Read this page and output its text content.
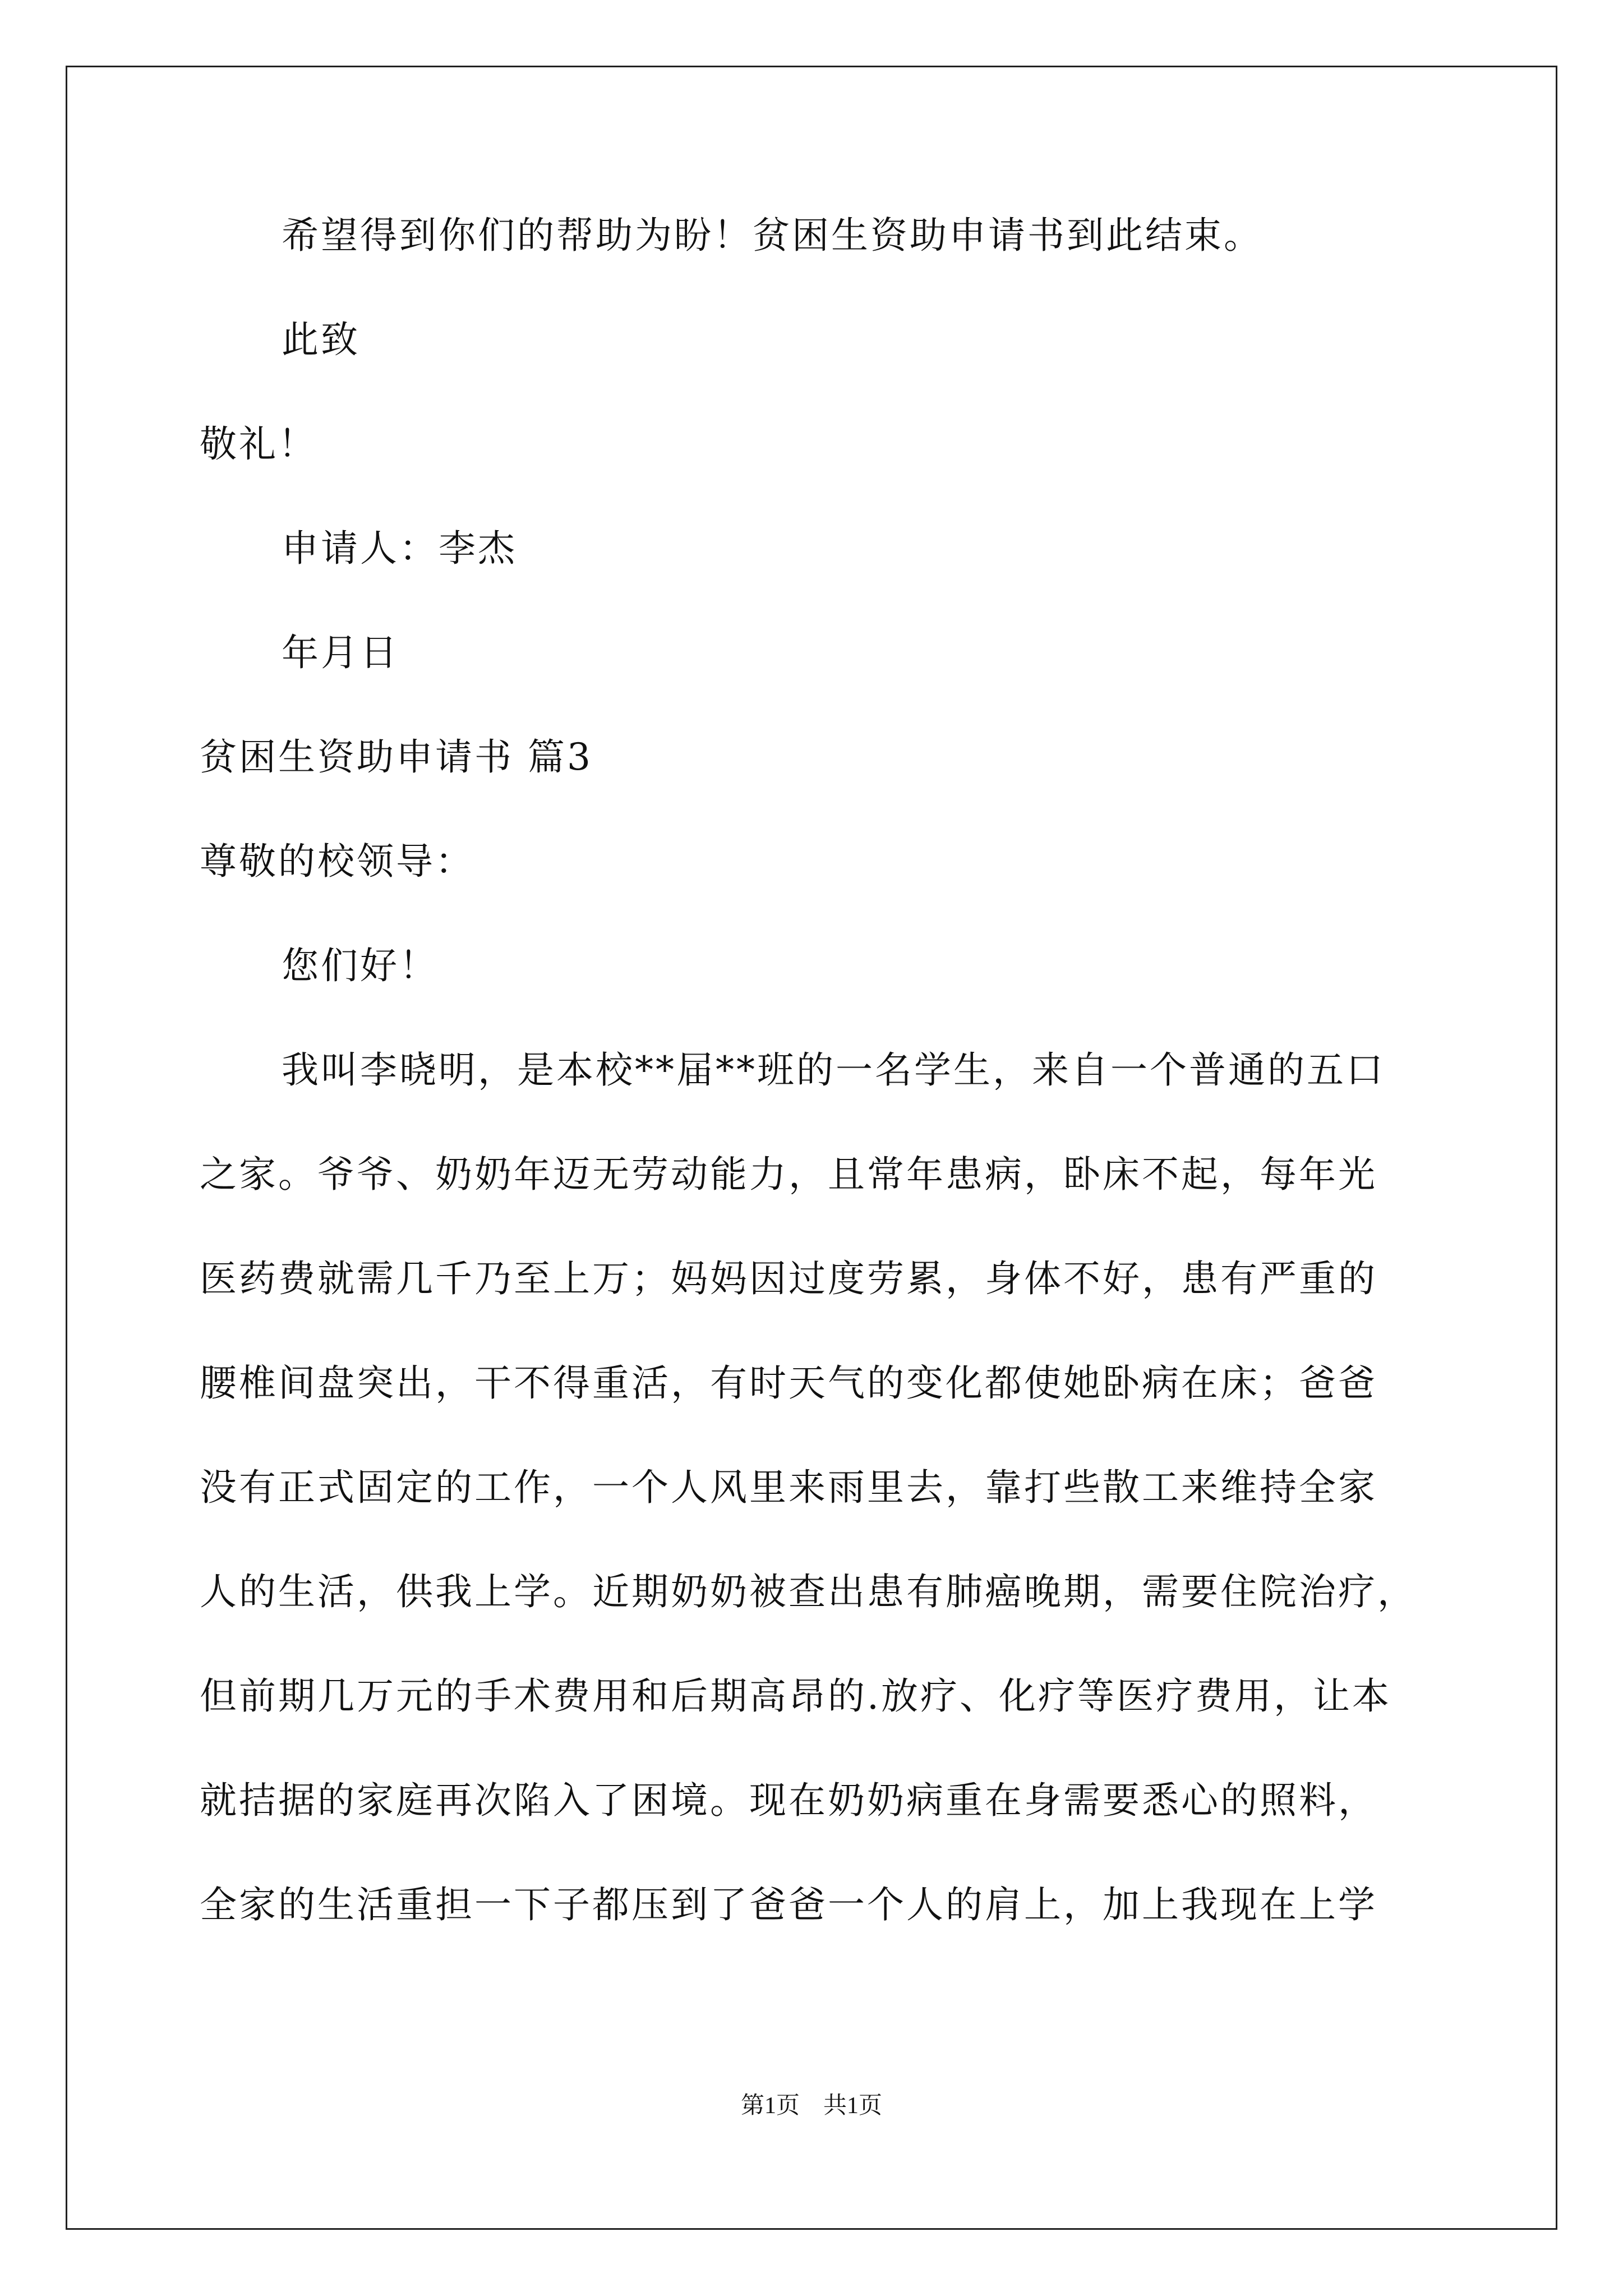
希望得到你们的帮助为盼！贫困生资助申请书到此结束。
此致
敬礼！
申请人：李杰
年月日
贫困生资助申请书 篇3
尊敬的校领导：
您们好！
我叫李晓明，是本校**届**班的一名学生，来自一个普通的五口
之家。爷爷、奶奶年迈无劳动能力，且常年患病，卧床不起，每年光
医药费就需几千乃至上万；妈妈因过度劳累，身体不好，患有严重的
腰椎间盘突出，干不得重活，有时天气的变化都使她卧病在床；爸爸
没有正式固定的工作，一个人风里来雨里去，靠打些散工来维持全家
人的生活，供我上学。近期奶奶被查出患有肺癌晚期，需要住院治疗，
但前期几万元的手术费用和后期高昂的.放疗、化疗等医疗费用，让本
就拮据的家庭再次陷入了困境。现在奶奶病重在身需要悉心的照料，
全家的生活重担一下子都压到了爸爸一个人的肩上，加上我现在上学
第1页　共1页
